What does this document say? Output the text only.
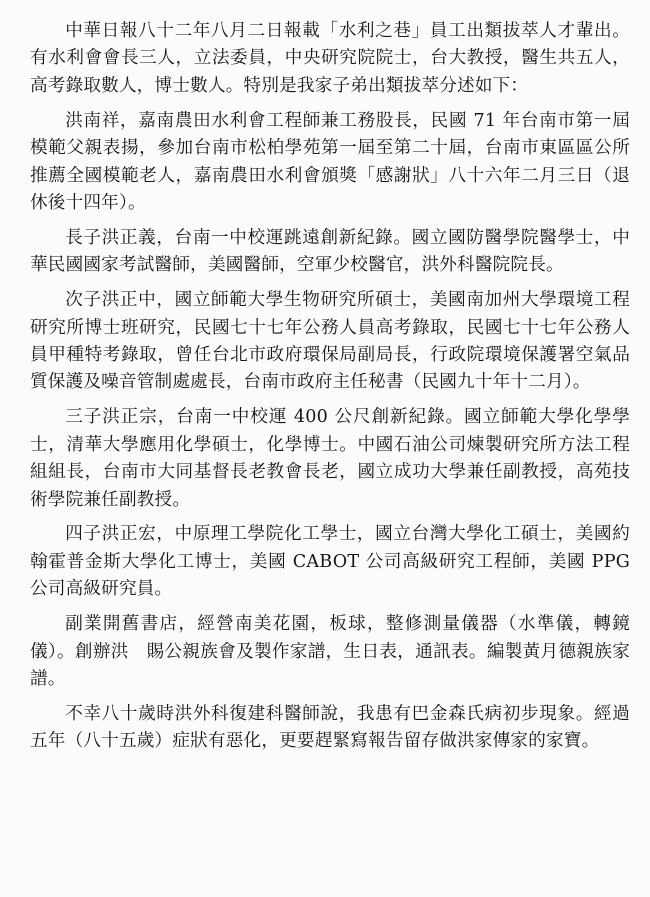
中華日報八十二年八月二日報載「水利之巷」員工出類拔萃人才輩出。有水利會會長三人，立法委員，中央研究院院士，台大教授，醫生共五人，高考錄取數人，博士數人。特別是我家子弟出類拔萃分述如下：

洪南祥，嘉南農田水利會工程師兼工務股長，民國 71 年台南市第一屆模範父親表揚，參加台南市松柏學苑第一屆至第二十屆，台南市東區區公所推薦全國模範老人，嘉南農田水利會頒獎「感謝狀」八十六年二月三日（退休後十四年）。

長子洪正義，台南一中校運跳遠創新紀錄。國立國防醫學院醫學士，中華民國國家考試醫師，美國醫師，空軍少校醫官，洪外科醫院院長。

次子洪正中，國立師範大學生物研究所碩士，美國南加州大學環境工程研究所博士班研究，民國七十七年公務人員高考錄取，民國七十七年公務人員甲種特考錄取，曾任台北市政府環保局副局長，行政院環境保護署空氣品質保護及噪音管制處處長，台南市政府主任秘書（民國九十年十二月）。

三子洪正宗，台南一中校運 400 公尺創新紀錄。國立師範大學化學學士，清華大學應用化學碩士，化學博士。中國石油公司煉製研究所方法工程組組長，台南市大同基督長老教會長老，國立成功大學兼任副教授，高苑技術學院兼任副教授。

四子洪正宏，中原理工學院化工學士，國立台灣大學化工碩士，美國約翰霍普金斯大學化工博士，美國 CABOT 公司高級研究工程師，美國 PPG 公司高級研究員。

副業開舊書店，經營南美花園，板球，整修測量儀器（水準儀，轉鏡儀）。創辦洪　賜公親族會及製作家譜，生日表，通訊表。編製黃月德親族家譜。

不幸八十歲時洪外科復建科醫師說，我患有巴金森氏病初步現象。經過五年（八十五歲）症狀有惡化，更要趕緊寫報告留存做洪家傳家的家寶。
